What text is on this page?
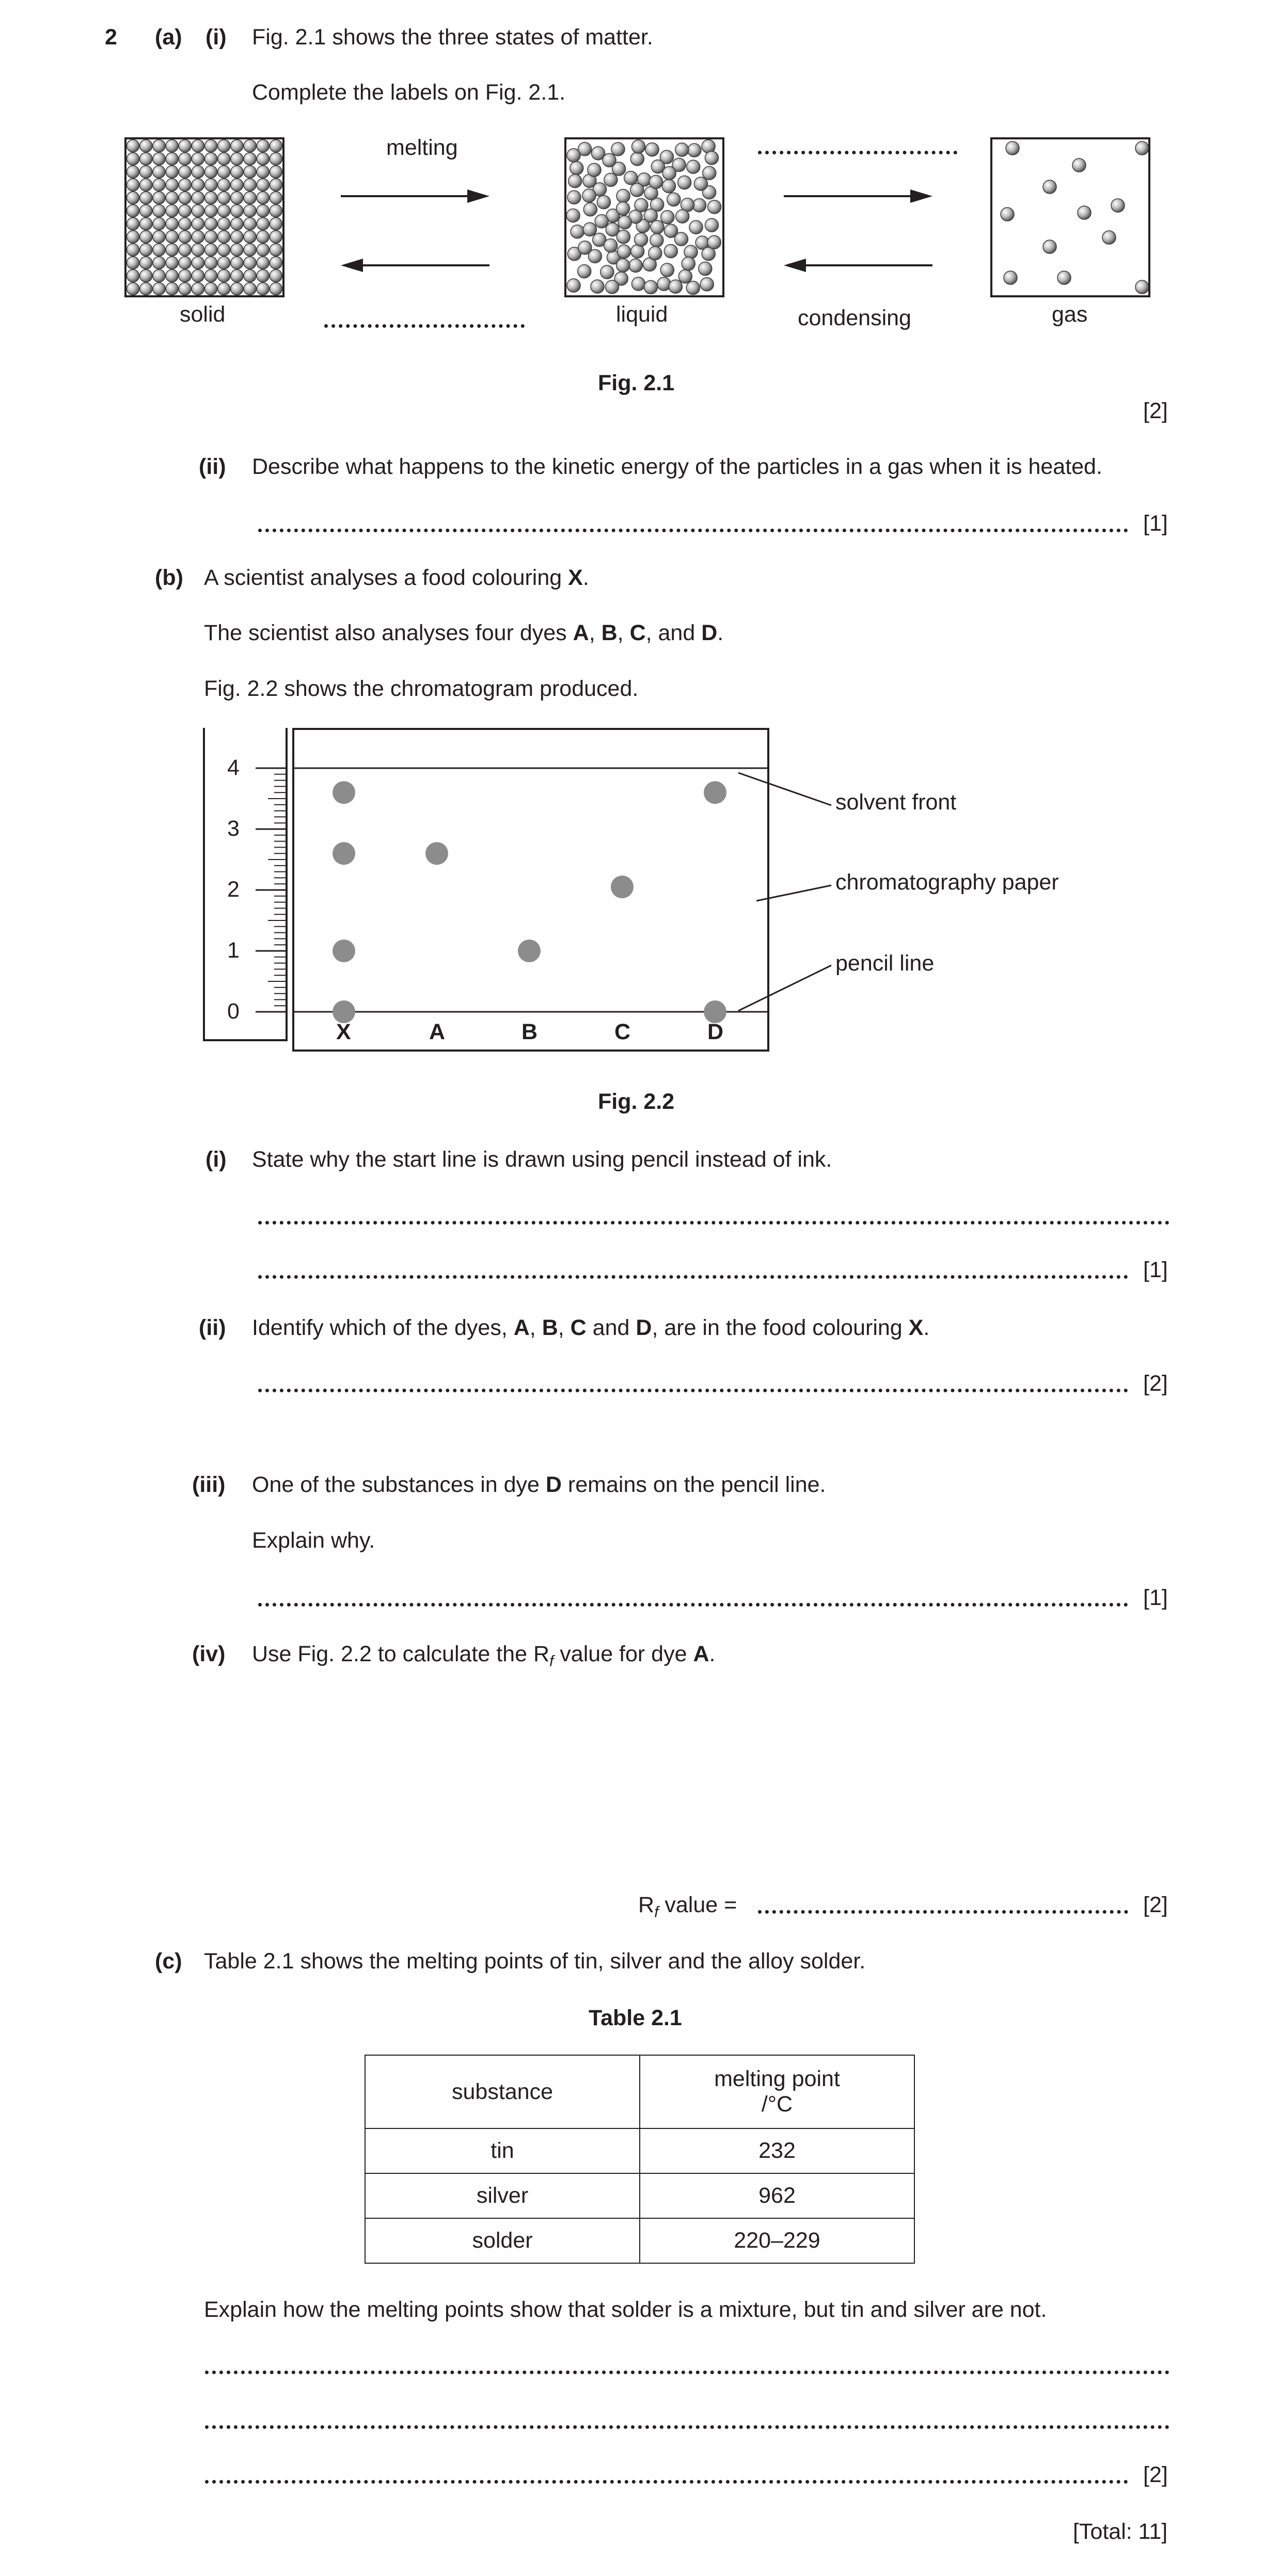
2 (a) (i) Fig. 2.1 shows the three states of matter.
Complete the labels on Fig. 2.1.
melting
solid	liquid	condensing	gas
Fig. 2.1
[2]
(ii) Describe what happens to the kinetic energy of the particles in a gas when it is heated.
[1]
(b) A scientist analyses a food colouring X.
The scientist also analyses four dyes A, B, C, and D.
Fig. 2.2 shows the chromatogram produced.
4
3
2
1
0
X	A	B	C	D
solvent front
chromatography paper
pencil line
Fig. 2.2
(i) State why the start line is drawn using pencil instead of ink.
[1]
(ii) Identify which of the dyes, A, B, C and D, are in the food colouring X.
[2]
(iii) One of the substances in dye D remains on the pencil line.
Explain why.
[1]
(iv) Use Fig. 2.2 to calculate the $R_f$ value for dye A.
$R_f$ value =	[2]
(c) Table 2.1 shows the melting points of tin, silver and the alloy solder.
Table 2.1
substance	melting point
/°C
tin	232
silver	962
solder	220–229
Explain how the melting points show that solder is a mixture, but tin and silver are not.
[2]
[Total: 11]
